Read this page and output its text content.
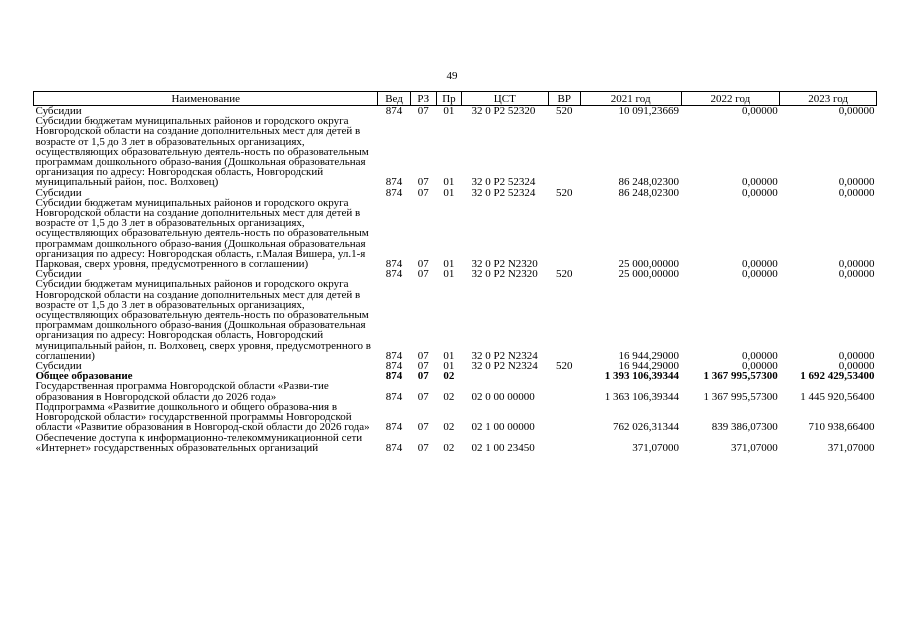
49
Наименование	Вед	РЗ	Пр	ЦСТ	ВР	2021 год	2022 год	2023 год
Субсидии	874	07	01	32 0 P2 52320	520	10 091,23669	0,00000	0,00000
Субсидии бюджетам муниципальных районов и городского округа Новгородской области на создание дополнительных мест для детей в возрасте от 1,5 до 3 лет в образовательных организациях, осуществляющих образовательную деятель-ность по образовательным программам дошкольного образо-вания (Дошкольная образовательная организация по адресу: Новгородская область, Новгородский муниципальный район, пос. Волховец)	874	07	01	32 0 P2 52324		86 248,02300	0,00000	0,00000
Субсидии	874	07	01	32 0 P2 52324	520	86 248,02300	0,00000	0,00000
Субсидии бюджетам муниципальных районов и городского округа Новгородской области на создание дополнительных мест для детей в возрасте от 1,5 до 3 лет в образовательных организациях, осуществляющих образовательную деятель-ность по образовательным программам дошкольного образо-вания (Дошкольная образовательная организация по адресу: Новгородская область, г.Малая Вишера, ул.1-я Парковая, сверх уровня, предусмотренного в соглашении)	874	07	01	32 0 P2 N2320		25 000,00000	0,00000	0,00000
Субсидии	874	07	01	32 0 P2 N2320	520	25 000,00000	0,00000	0,00000
Субсидии бюджетам муниципальных районов и городского округа Новгородской области на создание дополнительных мест для детей в возрасте от 1,5 до 3 лет в образовательных организациях, осуществляющих образовательную деятель-ность по образовательным программам дошкольного образо-вания (Дошкольная образовательная организация по адресу: Новгородская область, Новгородский муниципальный район, п. Волховец, сверх уровня, предусмотренного в соглашении)	874	07	01	32 0 P2 N2324		16 944,29000	0,00000	0,00000
Субсидии	874	07	01	32 0 P2 N2324	520	16 944,29000	0,00000	0,00000
Общее образование	874	07	02			1 393 106,39344	1 367 995,57300	1 692 429,53400
Государственная программа Новгородской области «Разви-тие образования в Новгородской области до 2026 года»	874	07	02	02 0 00 00000		1 363 106,39344	1 367 995,57300	1 445 920,56400
Подпрограмма «Развитие дошкольного и общего образова-ния в Новгородской области» государственной программы Новгородской области «Развитие образования в Новгород-ской области до 2026 года»	874	07	02	02 1 00 00000		762 026,31344	839 386,07300	710 938,66400
Обеспечение доступа к информационно-телекоммуникационной сети «Интернет» государственных образовательных организаций	874	07	02	02 1 00 23450		371,07000	371,07000	371,07000
